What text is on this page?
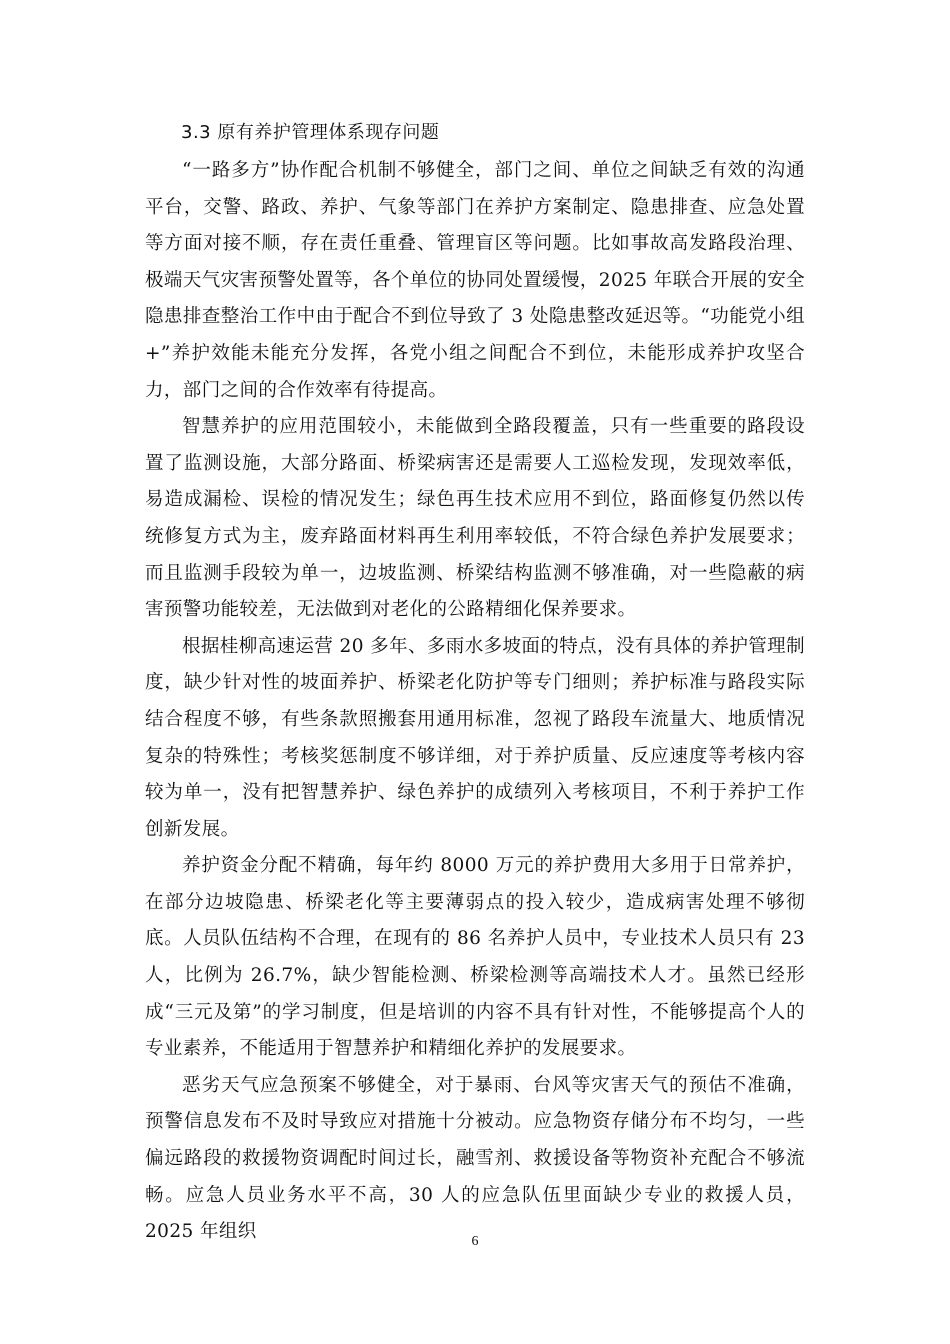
3.3 原有养护管理体系现存问题

“一路多方”协作配合机制不够健全，部门之间、单位之间缺乏有效的沟通平台，交警、路政、养护、气象等部门在养护方案制定、隐患排查、应急处置等方面对接不顺，存在责任重叠、管理盲区等问题。比如事故高发路段治理、极端天气灾害预警处置等，各个单位的协同处置缓慢，2025 年联合开展的安全隐患排查整治工作中由于配合不到位导致了 3 处隐患整改延迟等。“功能党小组+”养护效能未能充分发挥，各党小组之间配合不到位，未能形成养护攻坚合力，部门之间的合作效率有待提高。

智慧养护的应用范围较小，未能做到全路段覆盖，只有一些重要的路段设置了监测设施，大部分路面、桥梁病害还是需要人工巡检发现，发现效率低，易造成漏检、误检的情况发生；绿色再生技术应用不到位，路面修复仍然以传统修复方式为主，废弃路面材料再生利用率较低，不符合绿色养护发展要求；而且监测手段较为单一，边坡监测、桥梁结构监测不够准确，对一些隐蔽的病害预警功能较差，无法做到对老化的公路精细化保养要求。

根据桂柳高速运营 20 多年、多雨水多坡面的特点，没有具体的养护管理制度，缺少针对性的坡面养护、桥梁老化防护等专门细则；养护标准与路段实际结合程度不够，有些条款照搬套用通用标准，忽视了路段车流量大、地质情况复杂的特殊性；考核奖惩制度不够详细，对于养护质量、反应速度等考核内容较为单一，没有把智慧养护、绿色养护的成绩列入考核项目，不利于养护工作创新发展。

养护资金分配不精确，每年约 8000 万元的养护费用大多用于日常养护，在部分边坡隐患、桥梁老化等主要薄弱点的投入较少，造成病害处理不够彻底。人员队伍结构不合理，在现有的 86 名养护人员中，专业技术人员只有 23 人，比例为 26.7%，缺少智能检测、桥梁检测等高端技术人才。虽然已经形成“三元及第”的学习制度，但是培训的内容不具有针对性，不能够提高个人的专业素养，不能适用于智慧养护和精细化养护的发展要求。

恶劣天气应急预案不够健全，对于暴雨、台风等灾害天气的预估不准确，预警信息发布不及时导致应对措施十分被动。应急物资存储分布不均匀，一些偏远路段的救援物资调配时间过长，融雪剂、救援设备等物资补充配合不够流畅。应急人员业务水平不高，30 人的应急队伍里面缺少专业的救援人员，2025 年组织	6
